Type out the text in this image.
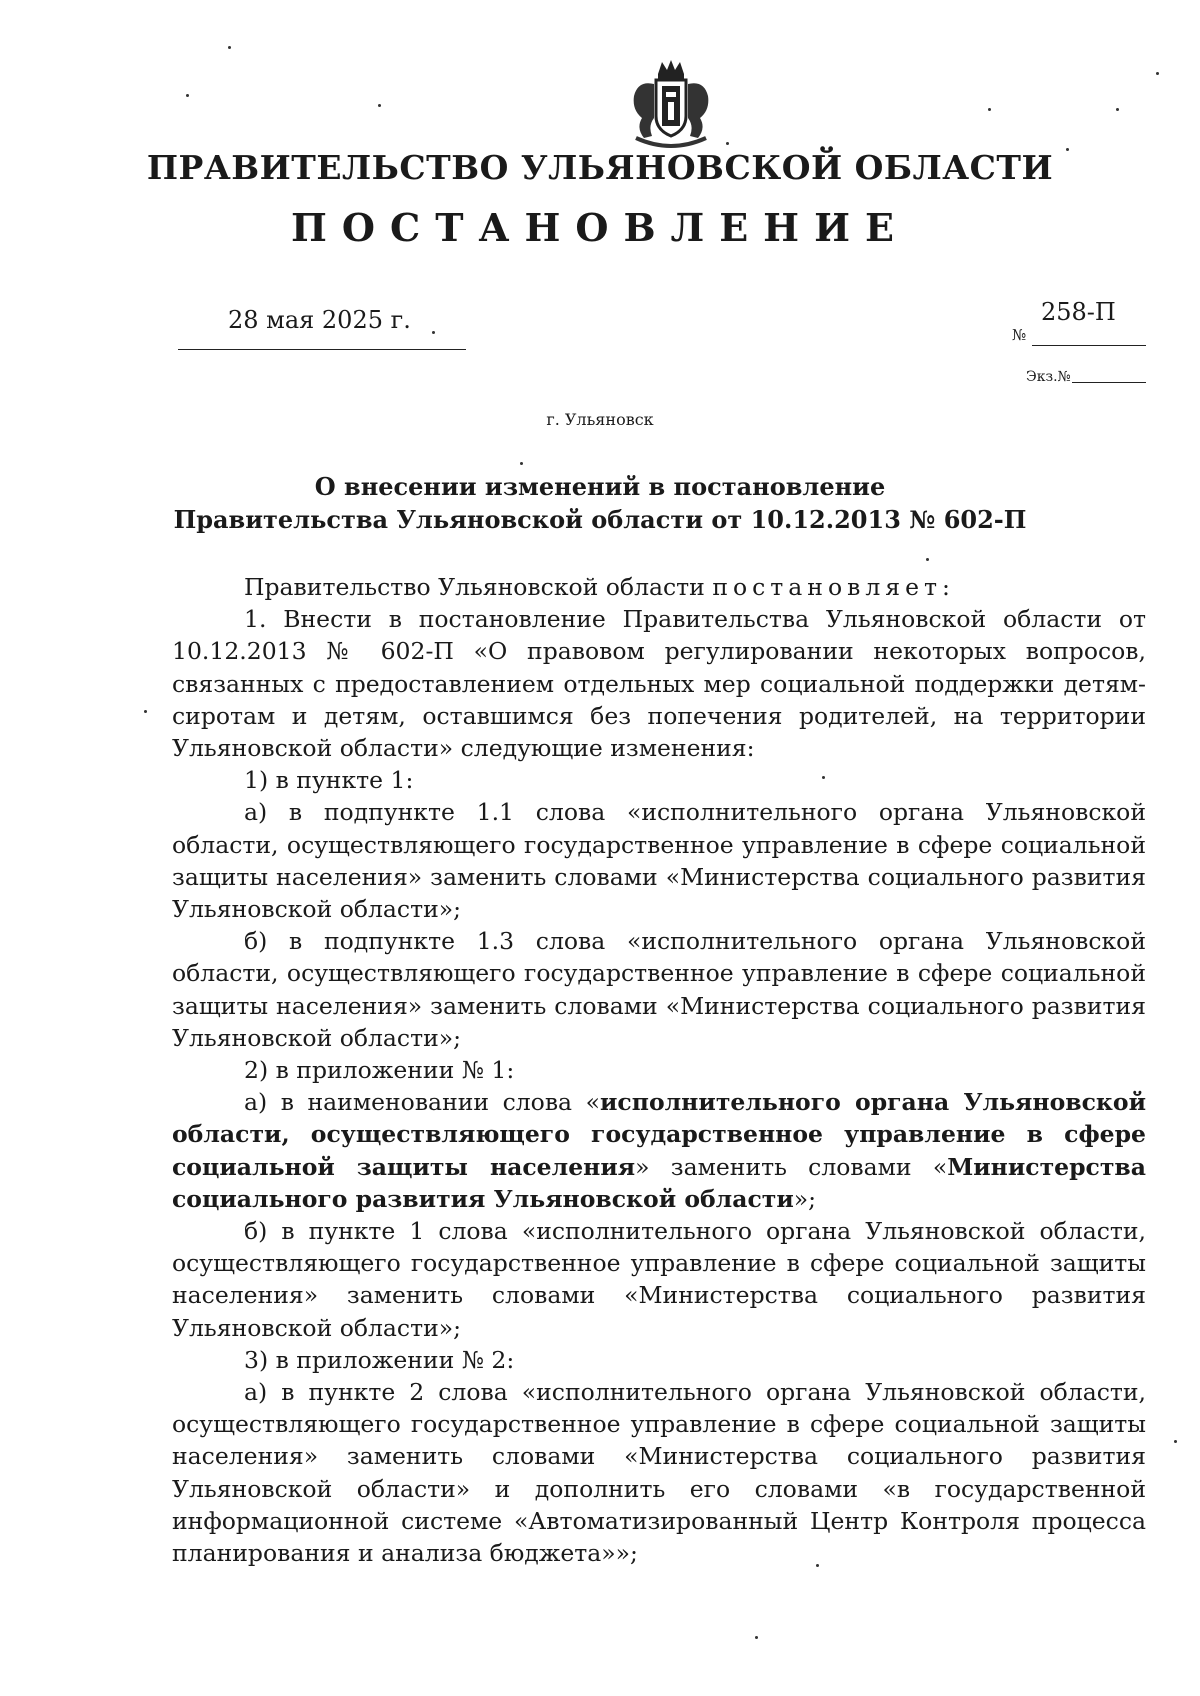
ПРАВИТЕЛЬСТВО УЛЬЯНОВСКОЙ ОБЛАСТИ
ПОСТАНОВЛЕНИЕ
28 мая 2025 г.
№
258-П
Экз.№
г. Ульяновск
О внесении изменений в постановление
Правительства Ульяновской области от 10.12.2013 № 602-П

Правительство Ульяновской области постановляет:

1. Внести в постановление Правительства Ульяновской области от 10.12.2013 № 602-П «О правовом регулировании некоторых вопросов, связанных с предоставлением отдельных мер социальной поддержки детям-сиротам и детям, оставшимся без попечения родителей, на территории Ульяновской области» следующие изменения:

1) в пункте 1:

а) в подпункте 1.1 слова «исполнительного органа Ульяновской области, осуществляющего государственное управление в сфере социальной защиты населения» заменить словами «Министерства социального развития Ульяновской области»;

б) в подпункте 1.3 слова «исполнительного органа Ульяновской области, осуществляющего государственное управление в сфере социальной защиты населения» заменить словами «Министерства социального развития Ульяновской области»;

2) в приложении № 1:

а) в наименовании слова «исполнительного органа Ульяновской области, осуществляющего государственное управление в сфере социальной защиты населения» заменить словами «Министерства социального развития Ульяновской области»;

б) в пункте 1 слова «исполнительного органа Ульяновской области, осуществляющего государственное управление в сфере социальной защиты населения» заменить словами «Министерства социального развития Ульяновской области»;

3) в приложении № 2:

а) в пункте 2 слова «исполнительного органа Ульяновской области, осуществляющего государственное управление в сфере социальной защиты населения» заменить словами «Министерства социального развития Ульяновской области» и дополнить его словами «в государственной информационной системе «Автоматизированный Центр Контроля процесса планирования и анализа бюджета»»;
